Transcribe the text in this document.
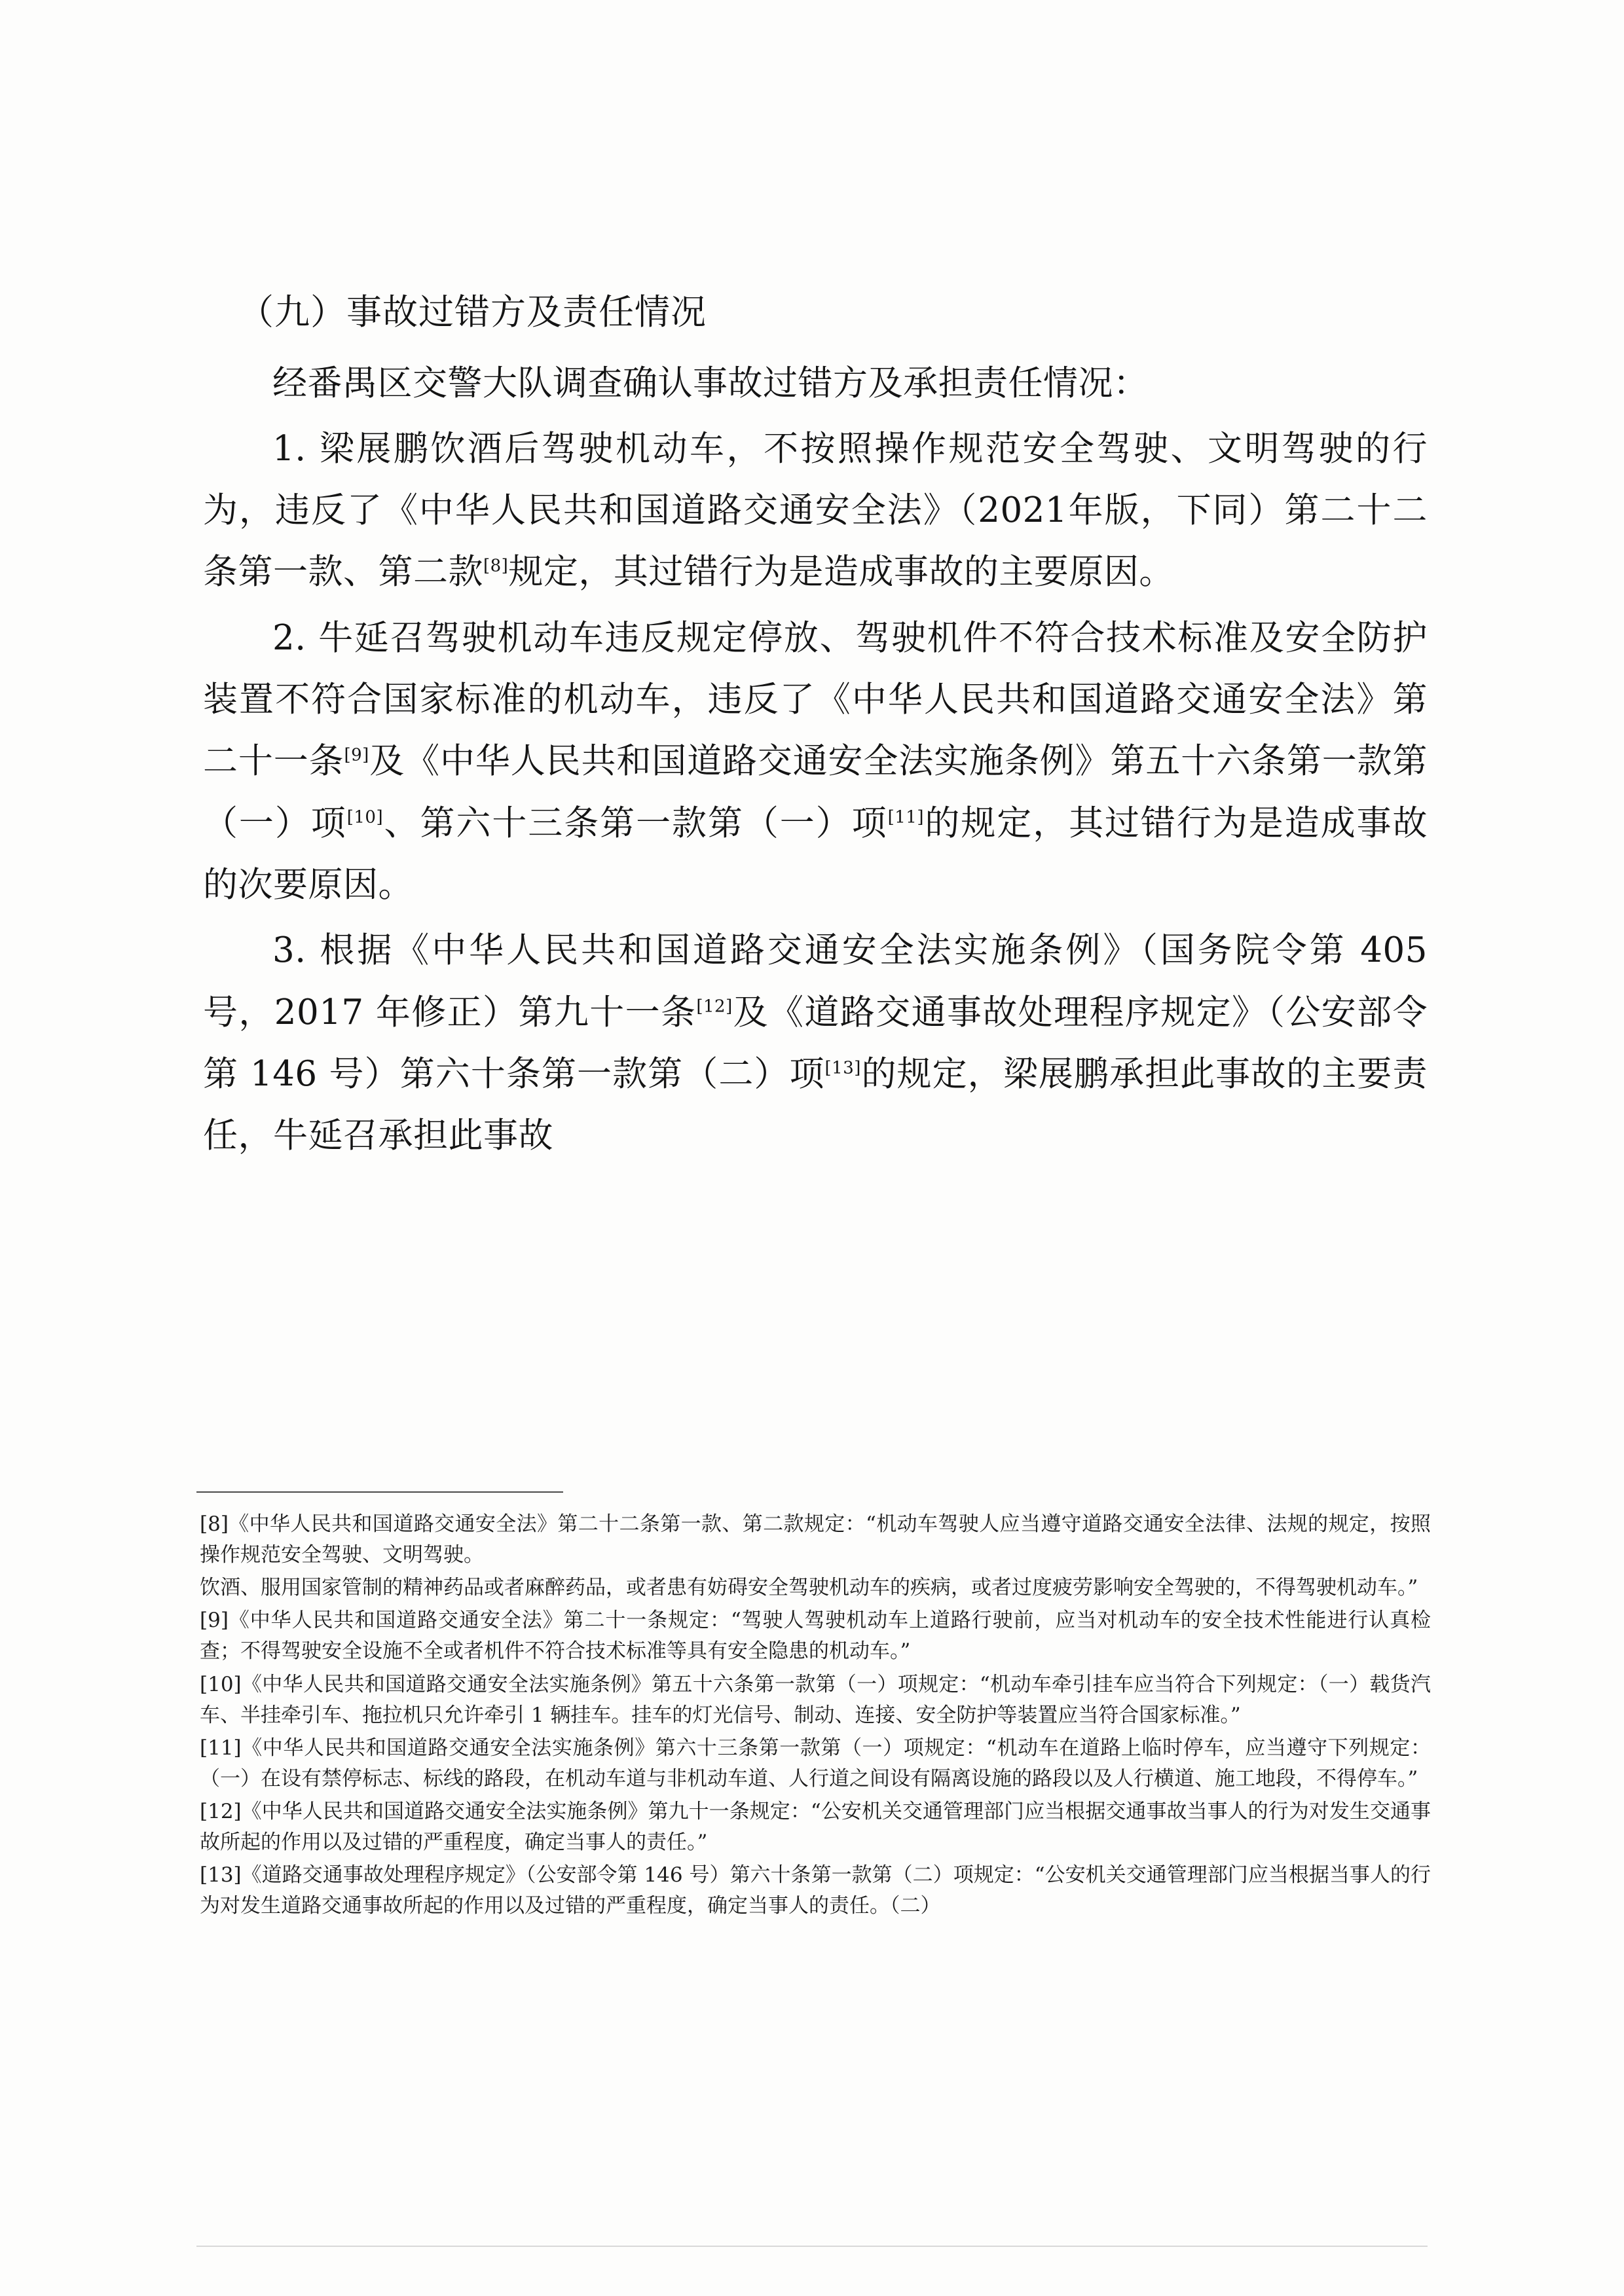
（九）事故过错方及责任情况

经番禺区交警大队调查确认事故过错方及承担责任情况：

1. 梁展鹏饮酒后驾驶机动车，不按照操作规范安全驾驶、文明驾驶的行为，违反了《中华人民共和国道路交通安全法》（2021年版，下同）第二十二条第一款、第二款[8]规定，其过错行为是造成事故的主要原因。

2. 牛延召驾驶机动车违反规定停放、驾驶机件不符合技术标准及安全防护装置不符合国家标准的机动车，违反了《中华人民共和国道路交通安全法》第二十一条[9]及《中华人民共和国道路交通安全法实施条例》第五十六条第一款第（一）项[10]、第六十三条第一款第（一）项[11]的规定，其过错行为是造成事故的次要原因。

3. 根据《中华人民共和国道路交通安全法实施条例》（国务院令第 405 号，2017 年修正）第九十一条[12]及《道路交通事故处理程序规定》（公安部令第 146 号）第六十条第一款第（二）项[13]的规定，梁展鹏承担此事故的主要责任，牛延召承担此事故

[8]《中华人民共和国道路交通安全法》第二十二条第一款、第二款规定：“机动车驾驶人应当遵守道路交通安全法律、法规的规定，按照操作规范安全驾驶、文明驾驶。

饮酒、服用国家管制的精神药品或者麻醉药品，或者患有妨碍安全驾驶机动车的疾病，或者过度疲劳影响安全驾驶的，不得驾驶机动车。”

[9]《中华人民共和国道路交通安全法》第二十一条规定：“驾驶人驾驶机动车上道路行驶前，应当对机动车的安全技术性能进行认真检查；不得驾驶安全设施不全或者机件不符合技术标准等具有安全隐患的机动车。”

[10]《中华人民共和国道路交通安全法实施条例》第五十六条第一款第（一）项规定：“机动车牵引挂车应当符合下列规定：（一）载货汽车、半挂牵引车、拖拉机只允许牵引 1 辆挂车。挂车的灯光信号、制动、连接、安全防护等装置应当符合国家标准。”

[11]《中华人民共和国道路交通安全法实施条例》第六十三条第一款第（一）项规定：“机动车在道路上临时停车，应当遵守下列规定：（一）在设有禁停标志、标线的路段，在机动车道与非机动车道、人行道之间设有隔离设施的路段以及人行横道、施工地段，不得停车。”

[12]《中华人民共和国道路交通安全法实施条例》第九十一条规定：“公安机关交通管理部门应当根据交通事故当事人的行为对发生交通事故所起的作用以及过错的严重程度，确定当事人的责任。”

[13]《道路交通事故处理程序规定》（公安部令第 146 号）第六十条第一款第（二）项规定：“公安机关交通管理部门应当根据当事人的行为对发生道路交通事故所起的作用以及过错的严重程度，确定当事人的责任。（二）
